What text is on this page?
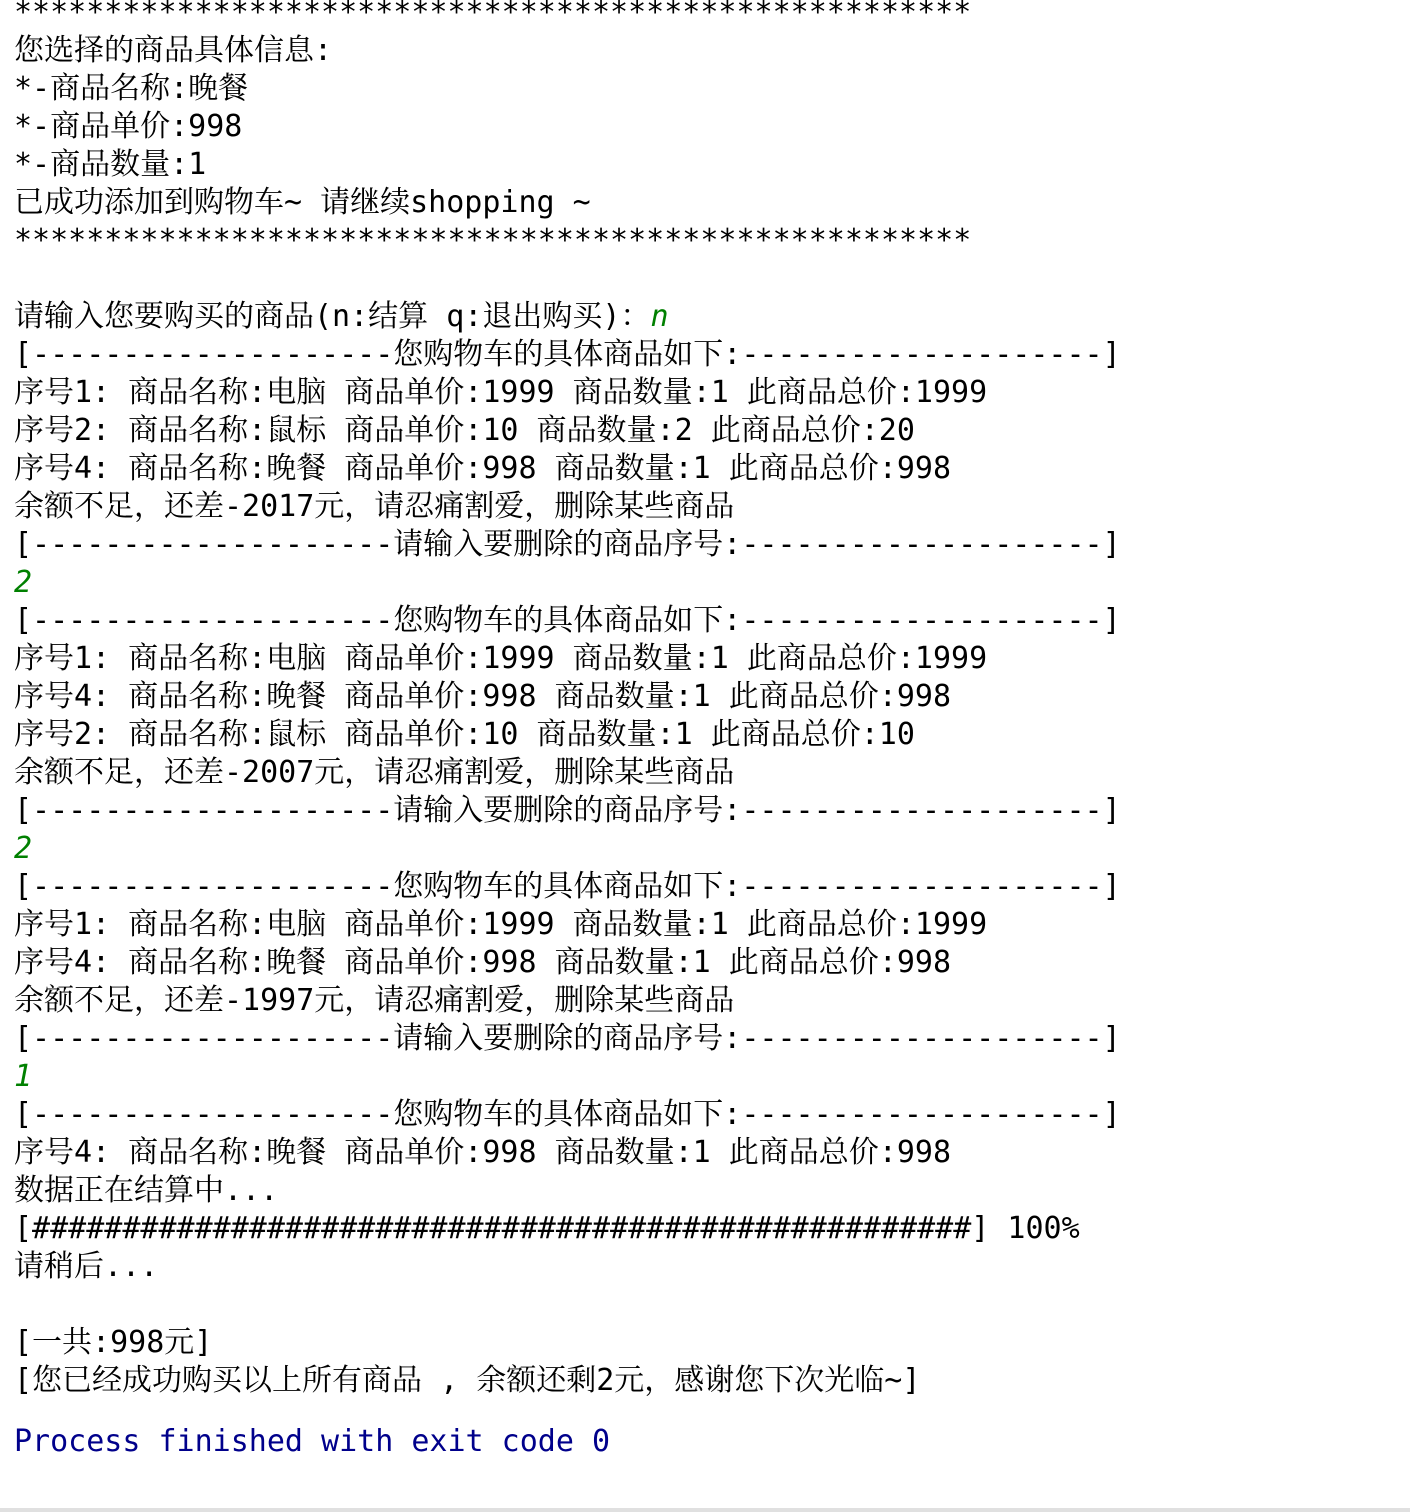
*****************************************************
您选择的商品具体信息:
*-商品名称:晚餐
*-商品单价:998
*-商品数量:1
已成功添加到购物车~ 请继续shopping ~
*****************************************************
请输入您要购买的商品(n:结算 q:退出购买)：n
[--------------------您购物车的具体商品如下:--------------------]
序号1: 商品名称:电脑 商品单价:1999 商品数量:1 此商品总价:1999
序号2: 商品名称:鼠标 商品单价:10 商品数量:2 此商品总价:20
序号4: 商品名称:晚餐 商品单价:998 商品数量:1 此商品总价:998
余额不足，还差-2017元，请忍痛割爱，删除某些商品
[--------------------请输入要删除的商品序号:--------------------]
2
[--------------------您购物车的具体商品如下:--------------------]
序号1: 商品名称:电脑 商品单价:1999 商品数量:1 此商品总价:1999
序号4: 商品名称:晚餐 商品单价:998 商品数量:1 此商品总价:998
序号2: 商品名称:鼠标 商品单价:10 商品数量:1 此商品总价:10
余额不足，还差-2007元，请忍痛割爱，删除某些商品
[--------------------请输入要删除的商品序号:--------------------]
2
[--------------------您购物车的具体商品如下:--------------------]
序号1: 商品名称:电脑 商品单价:1999 商品数量:1 此商品总价:1999
序号4: 商品名称:晚餐 商品单价:998 商品数量:1 此商品总价:998
余额不足，还差-1997元，请忍痛割爱，删除某些商品
[--------------------请输入要删除的商品序号:--------------------]
1
[--------------------您购物车的具体商品如下:--------------------]
序号4: 商品名称:晚餐 商品单价:998 商品数量:1 此商品总价:998
数据正在结算中...
[####################################################] 100%
请稍后...
[一共:998元]
[您已经成功购买以上所有商品 , 余额还剩2元，感谢您下次光临~]
Process finished with exit code 0
